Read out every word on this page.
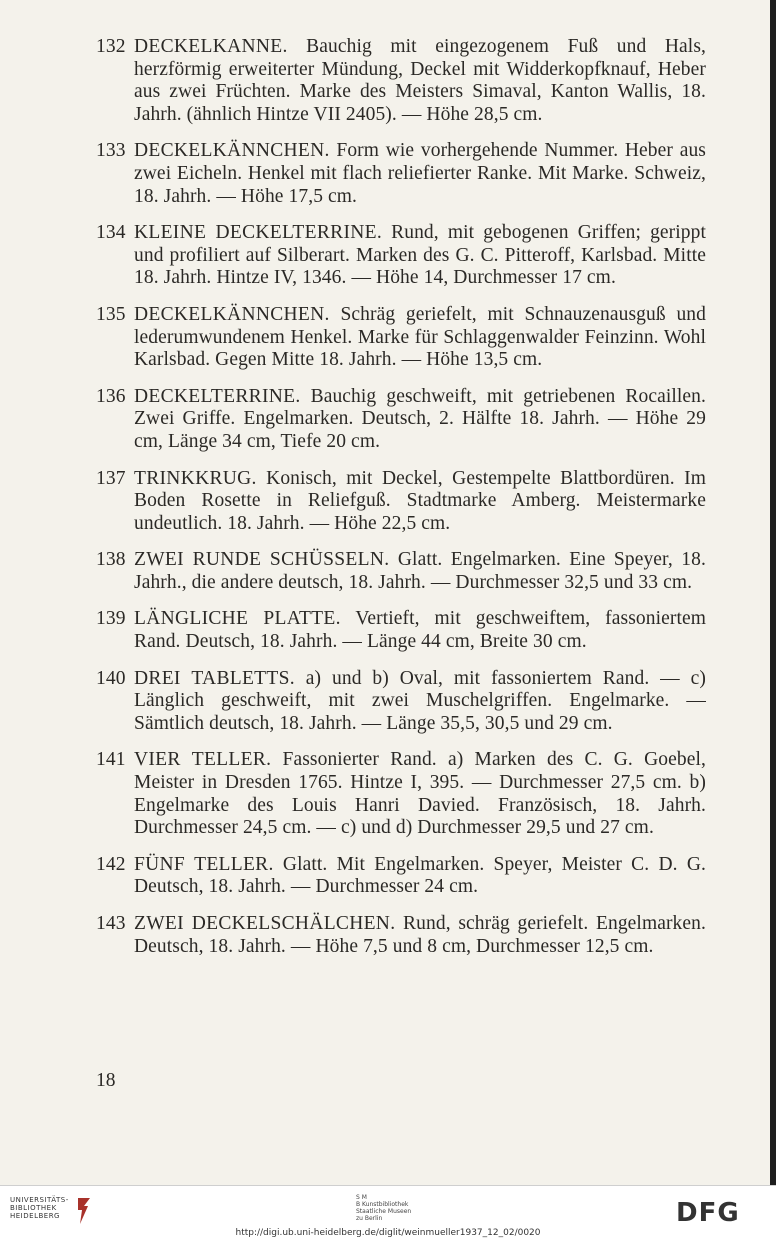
132 DECKELKANNE. Bauchig mit eingezogenem Fuß und Hals, herzförmig erweiterter Mündung, Deckel mit Widderkopfknauf, Heber aus zwei Früchten. Marke des Meisters Simaval, Kanton Wallis, 18. Jahrh. (ähnlich Hintze VII 2405). — Höhe 28,5 cm.
133 DECKELKÄNNCHEN. Form wie vorhergehende Nummer. Heber aus zwei Eicheln. Henkel mit flach reliefierter Ranke. Mit Marke. Schweiz, 18. Jahrh. — Höhe 17,5 cm.
134 KLEINE DECKELTERRINE. Rund, mit gebogenen Griffen; gerippt und profiliert auf Silberart. Marken des G. C. Pitteroff, Karlsbad. Mitte 18. Jahrh. Hintze IV, 1346. — Höhe 14, Durchmesser 17 cm.
135 DECKELKÄNNCHEN. Schräg geriefelt, mit Schnauzenausguß und lederumwundenem Henkel. Marke für Schlaggenwalder Feinzinn. Wohl Karlsbad. Gegen Mitte 18. Jahrh. — Höhe 13,5 cm.
136 DECKELTERRINE. Bauchig geschweift, mit getriebenen Rocaillen. Zwei Griffe. Engelmarken. Deutsch, 2. Hälfte 18. Jahrh. — Höhe 29 cm, Länge 34 cm, Tiefe 20 cm.
137 TRINKKRUG. Konisch, mit Deckel, Gestempelte Blattbordüren. Im Boden Rosette in Reliefguß. Stadtmarke Amberg. Meistermarke undeutlich. 18. Jahrh. — Höhe 22,5 cm.
138 ZWEI RUNDE SCHÜSSELN. Glatt. Engelmarken. Eine Speyer, 18. Jahrh., die andere deutsch, 18. Jahrh. — Durchmesser 32,5 und 33 cm.
139 LÄNGLICHE PLATTE. Vertieft, mit geschweiftem, fassoniertem Rand. Deutsch, 18. Jahrh. — Länge 44 cm, Breite 30 cm.
140 DREI TABLETTS. a) und b) Oval, mit fassoniertem Rand. — c) Länglich geschweift, mit zwei Muschelgriffen. Engelmarke. — Sämtlich deutsch, 18. Jahrh. — Länge 35,5, 30,5 und 29 cm.
141 VIER TELLER. Fassonierter Rand. a) Marken des C. G. Goebel, Meister in Dresden 1765. Hintze I, 395. — Durchmesser 27,5 cm. b) Engelmarke des Louis Hanri Davied. Französisch, 18. Jahrh. Durchmesser 24,5 cm. — c) und d) Durchmesser 29,5 und 27 cm.
142 FÜNF TELLER. Glatt. Mit Engelmarken. Speyer, Meister C. D. G. Deutsch, 18. Jahrh. — Durchmesser 24 cm.
143 ZWEI DECKELSCHÄLCHEN. Rund, schräg geriefelt. Engelmarken. Deutsch, 18. Jahrh. — Höhe 7,5 und 8 cm, Durchmesser 12,5 cm.
18
UNIVERSITÄTS- BIBLIOTHEK HEIDELBERG
S M
B Kunstbibliothek
Staatliche Museen
zu Berlin	DFG
http://digi.ub.uni-heidelberg.de/diglit/weinmueller1937_12_02/0020
